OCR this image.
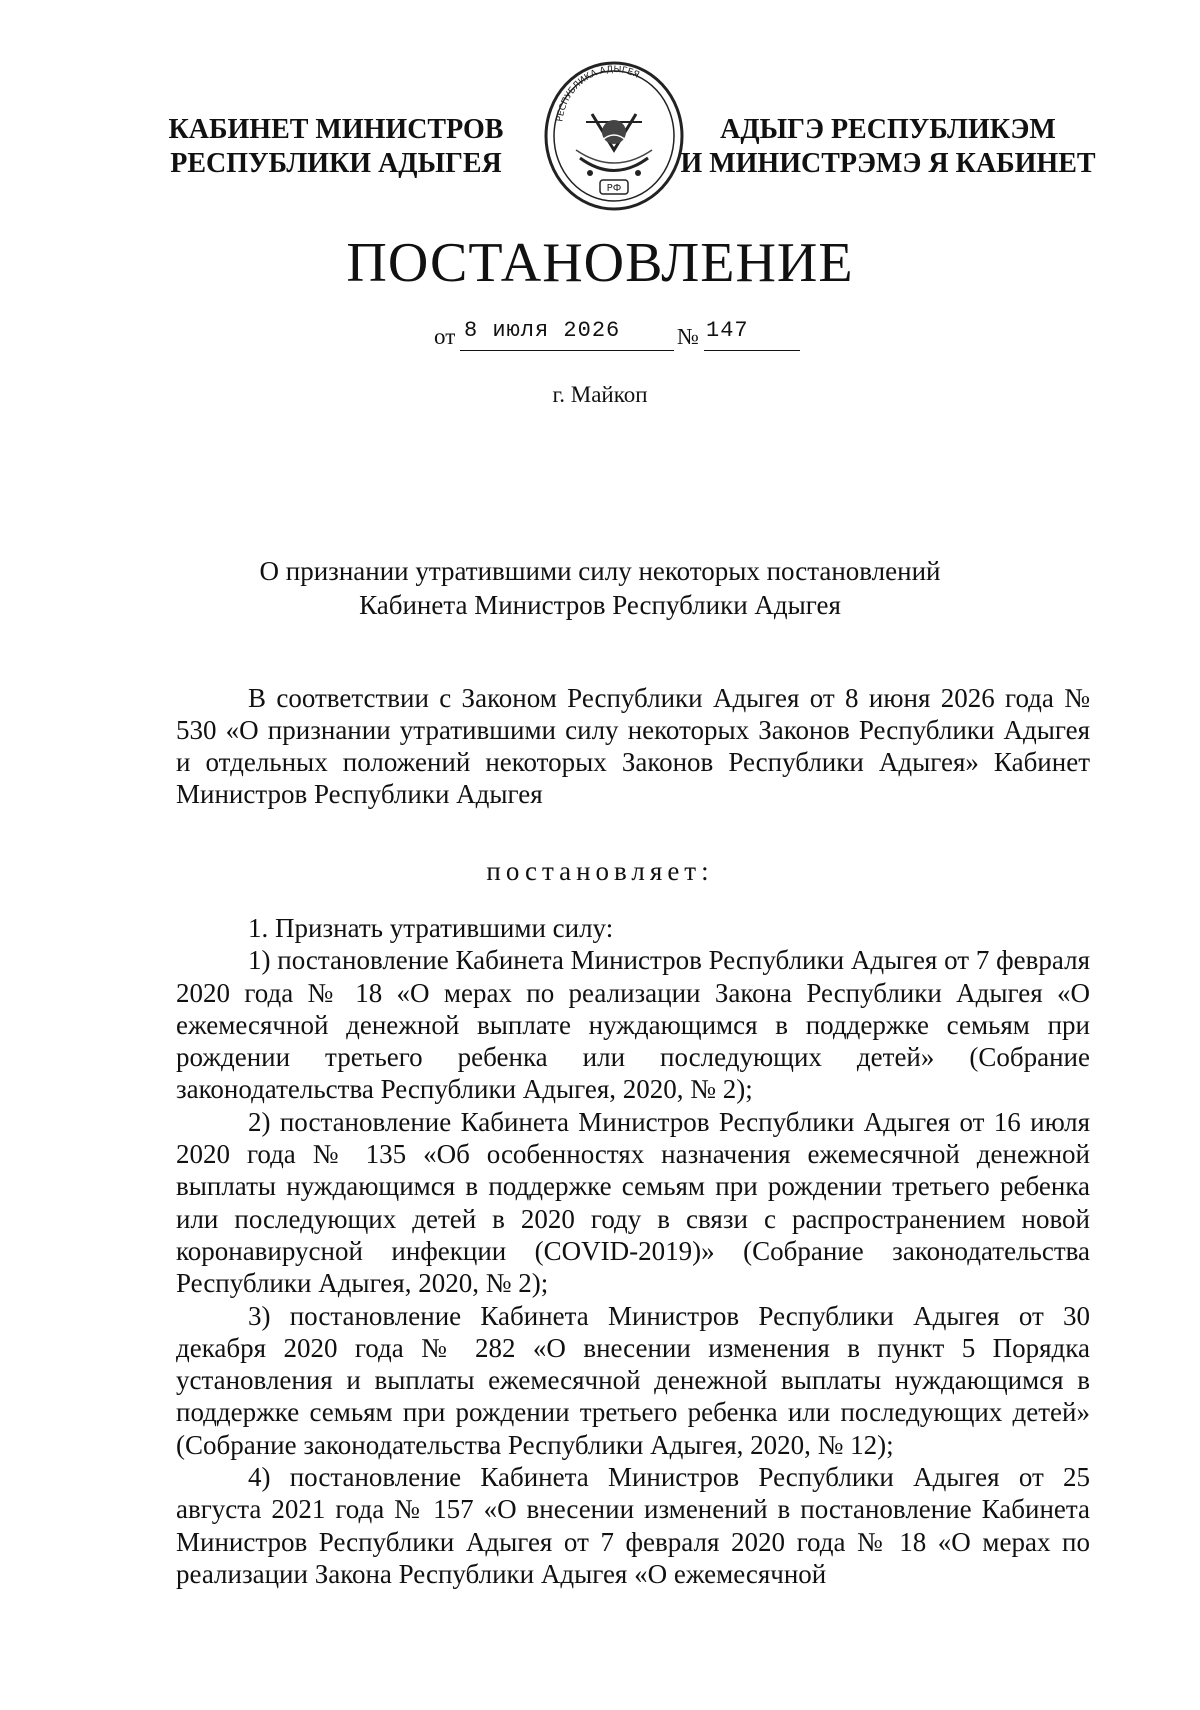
КАБИНЕТ МИНИСТРОВ
РЕСПУБЛИКИ АДЫГЕЯ
РЕСПУБЛИКА АДЫГЕЯ
РФ
АДЫГЭ РЕСПУБЛИКЭМ
И МИНИСТРЭМЭ Я КАБИНЕТ
ПОСТАНОВЛЕНИЕ
от 8 июля 2026 № 147
г. Майкоп
О признании утратившими силу некоторых постановлений
Кабинета Министров Республики Адыгея

В соответствии с Законом Республики Адыгея от 8 июня 2026 года № 530 «О признании утратившими силу некоторых Законов Республики Адыгея и отдельных положений некоторых Законов Республики Адыгея» Кабинет Министров Республики Адыгея

постановляет:

1. Признать утратившими силу:

1) постановление Кабинета Министров Республики Адыгея от 7 февраля 2020 года № 18 «О мерах по реализации Закона Республики Адыгея «О ежемесячной денежной выплате нуждающимся в поддержке семьям при рождении третьего ребенка или последующих детей» (Собрание законодательства Республики Адыгея, 2020, № 2);

2) постановление Кабинета Министров Республики Адыгея от 16 июля 2020 года № 135 «Об особенностях назначения ежемесячной денежной выплаты нуждающимся в поддержке семьям при рождении третьего ребенка или последующих детей в 2020 году в связи с распространением новой коронавирусной инфекции (COVID-2019)» (Собрание законодательства Республики Адыгея, 2020, № 2);

3) постановление Кабинета Министров Республики Адыгея от 30 декабря 2020 года № 282 «О внесении изменения в пункт 5 Порядка установления и выплаты ежемесячной денежной выплаты нуждающимся в поддержке семьям при рождении третьего ребенка или последующих детей» (Собрание законодательства Республики Адыгея, 2020, № 12);

4) постановление Кабинета Министров Республики Адыгея от 25 августа 2021 года № 157 «О внесении изменений в постановление Кабинета Министров Республики Адыгея от 7 февраля 2020 года № 18 «О мерах по реализации Закона Республики Адыгея «О ежемесячной
